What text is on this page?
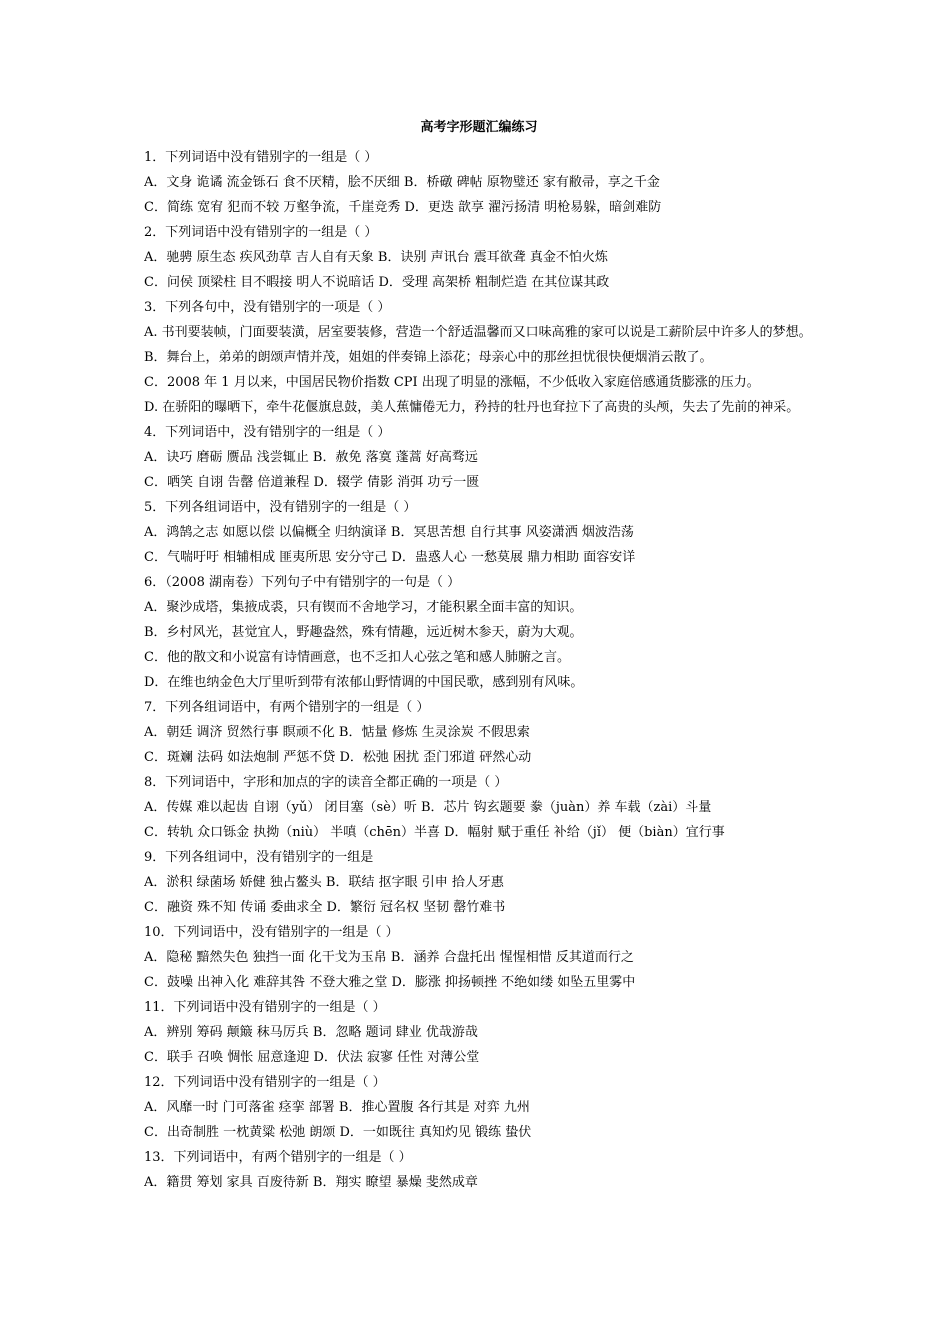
高考字形题汇编练习
1．下列词语中没有错别字的一组是（ ）
A．文身 诡谲 流金铄石 食不厌精，脍不厌细 B．桥礅 碑帖 原物璧还 家有敝帚，享之千金
C．简练 宽宥 犯而不较 万壑争流，千崖竞秀 D．更迭 歆享 濯污扬清 明枪易躲，暗剑难防
2．下列词语中没有错别字的一组是（ ）
A．驰骋 原生态 疾风劲草 吉人自有天象 B．诀别 声讯台 震耳欲聋 真金不怕火炼
C．问侯 顶梁柱 目不暇接 明人不说暗话 D．受理 高架桥 粗制烂造 在其位谋其政
3．下列各句中，没有错别字的一项是（ ）
A. 书刊要装帧，门面要装潢，居室要装修，营造一个舒适温馨而又口味高雅的家可以说是工薪阶层中许多人的梦想。
B．舞台上，弟弟的朗颂声情并茂，姐姐的伴奏锦上添花；母亲心中的那丝担忧很快便烟消云散了。
C．2008 年 1 月以来，中国居民物价指数 CPI 出现了明显的涨幅，不少低收入家庭倍感通货膨涨的压力。
D. 在骄阳的曝晒下，牵牛花偃旗息鼓，美人蕉慵倦无力，矜持的牡丹也耷拉下了高贵的头颅，失去了先前的神采。
4．下列词语中，没有错别字的一组是（ ）
A．诀巧 磨砺 赝品 浅尝辄止 B．赦免 落寞 蓬蒿 好高骛远
C．哂笑 自诩 告罄 倍道兼程 D．辍学 倩影 消弭 功亏一匮
5．下列各组词语中，没有错别字的一组是（ ）
A．鸿鹄之志 如愿以偿 以偏概全 归纳演译 B．冥思苦想 自行其事 风姿潇洒 烟波浩荡
C．气喘吁吁 相辅相成 匪夷所思 安分守己 D．蛊惑人心 一愁莫展 鼎力相助 面容安详
6．（2008 湖南卷）下列句子中有错别字的一句是（ ）
A．聚沙成塔，集掖成裘，只有锲而不舍地学习，才能积累全面丰富的知识。
B．乡村风光，甚觉宜人，野趣盎然，殊有情趣，远近树木参天，蔚为大观。
C．他的散文和小说富有诗情画意，也不乏扣人心弦之笔和感人肺腑之言。
D．在维也纳金色大厅里听到带有浓郁山野情调的中国民歌，感到别有风味。
7．下列各组词语中，有两个错别字的一组是（ ）
A．朝廷 调济 贸然行事 瞑顽不化 B．惦量 修炼 生灵涂炭 不假思索
C．斑斓 法码 如法炮制 严惩不贷 D．松弛 困扰 歪门邪道 砰然心动
8．下列词语中，字形和加点的字的读音全都正确的一项是（ ）
A．传媒 难以起齿 自诩（yǔ） 闭目塞（sè）听 B．芯片 钩玄题要 豢（juàn）养 车载（zài）斗量
C．转轨 众口铄金 执拗（niù） 半嗔（chēn）半喜 D．幅射 赋于重任 补给（jǐ） 便（biàn）宜行事
9．下列各组词中，没有错别字的一组是
A．淤积 绿菌场 娇健 独占鳌头 B．联结 抠字眼 引申 拾人牙惠
C．融资 殊不知 传诵 委曲求全 D．繁衍 冠名权 坚韧 罄竹难书
10．下列词语中，没有错别字的一组是（ ）
A．隐秘 黯然失色 独挡一面 化干戈为玉帛 B．涵养 合盘托出 惺惺相惜 反其道而行之
C．鼓噪 出神入化 难辞其咎 不登大雅之堂 D．膨涨 抑扬顿挫 不绝如缕 如坠五里雾中
11．下列词语中没有错别字的一组是（ ）
A．辨别 筹码 颠簸 秣马厉兵 B．忽略 题词 肆业 优哉游哉
C．联手 召唤 惆怅 屈意逢迎 D．伏法 寂寥 任性 对薄公堂
12．下列词语中没有错别字的一组是（ ）
A．风靡一时 门可落雀 痉挛 部署 B．推心置腹 各行其是 对弈 九州
C．出奇制胜 一枕黄粱 松弛 朗颂 D．一如既往 真知灼见 锻练 蛰伏
13．下列词语中，有两个错别字的一组是（ ）
A．籍贯 筹划 家具 百废待新 B．翔实 瞭望 暴燥 斐然成章
